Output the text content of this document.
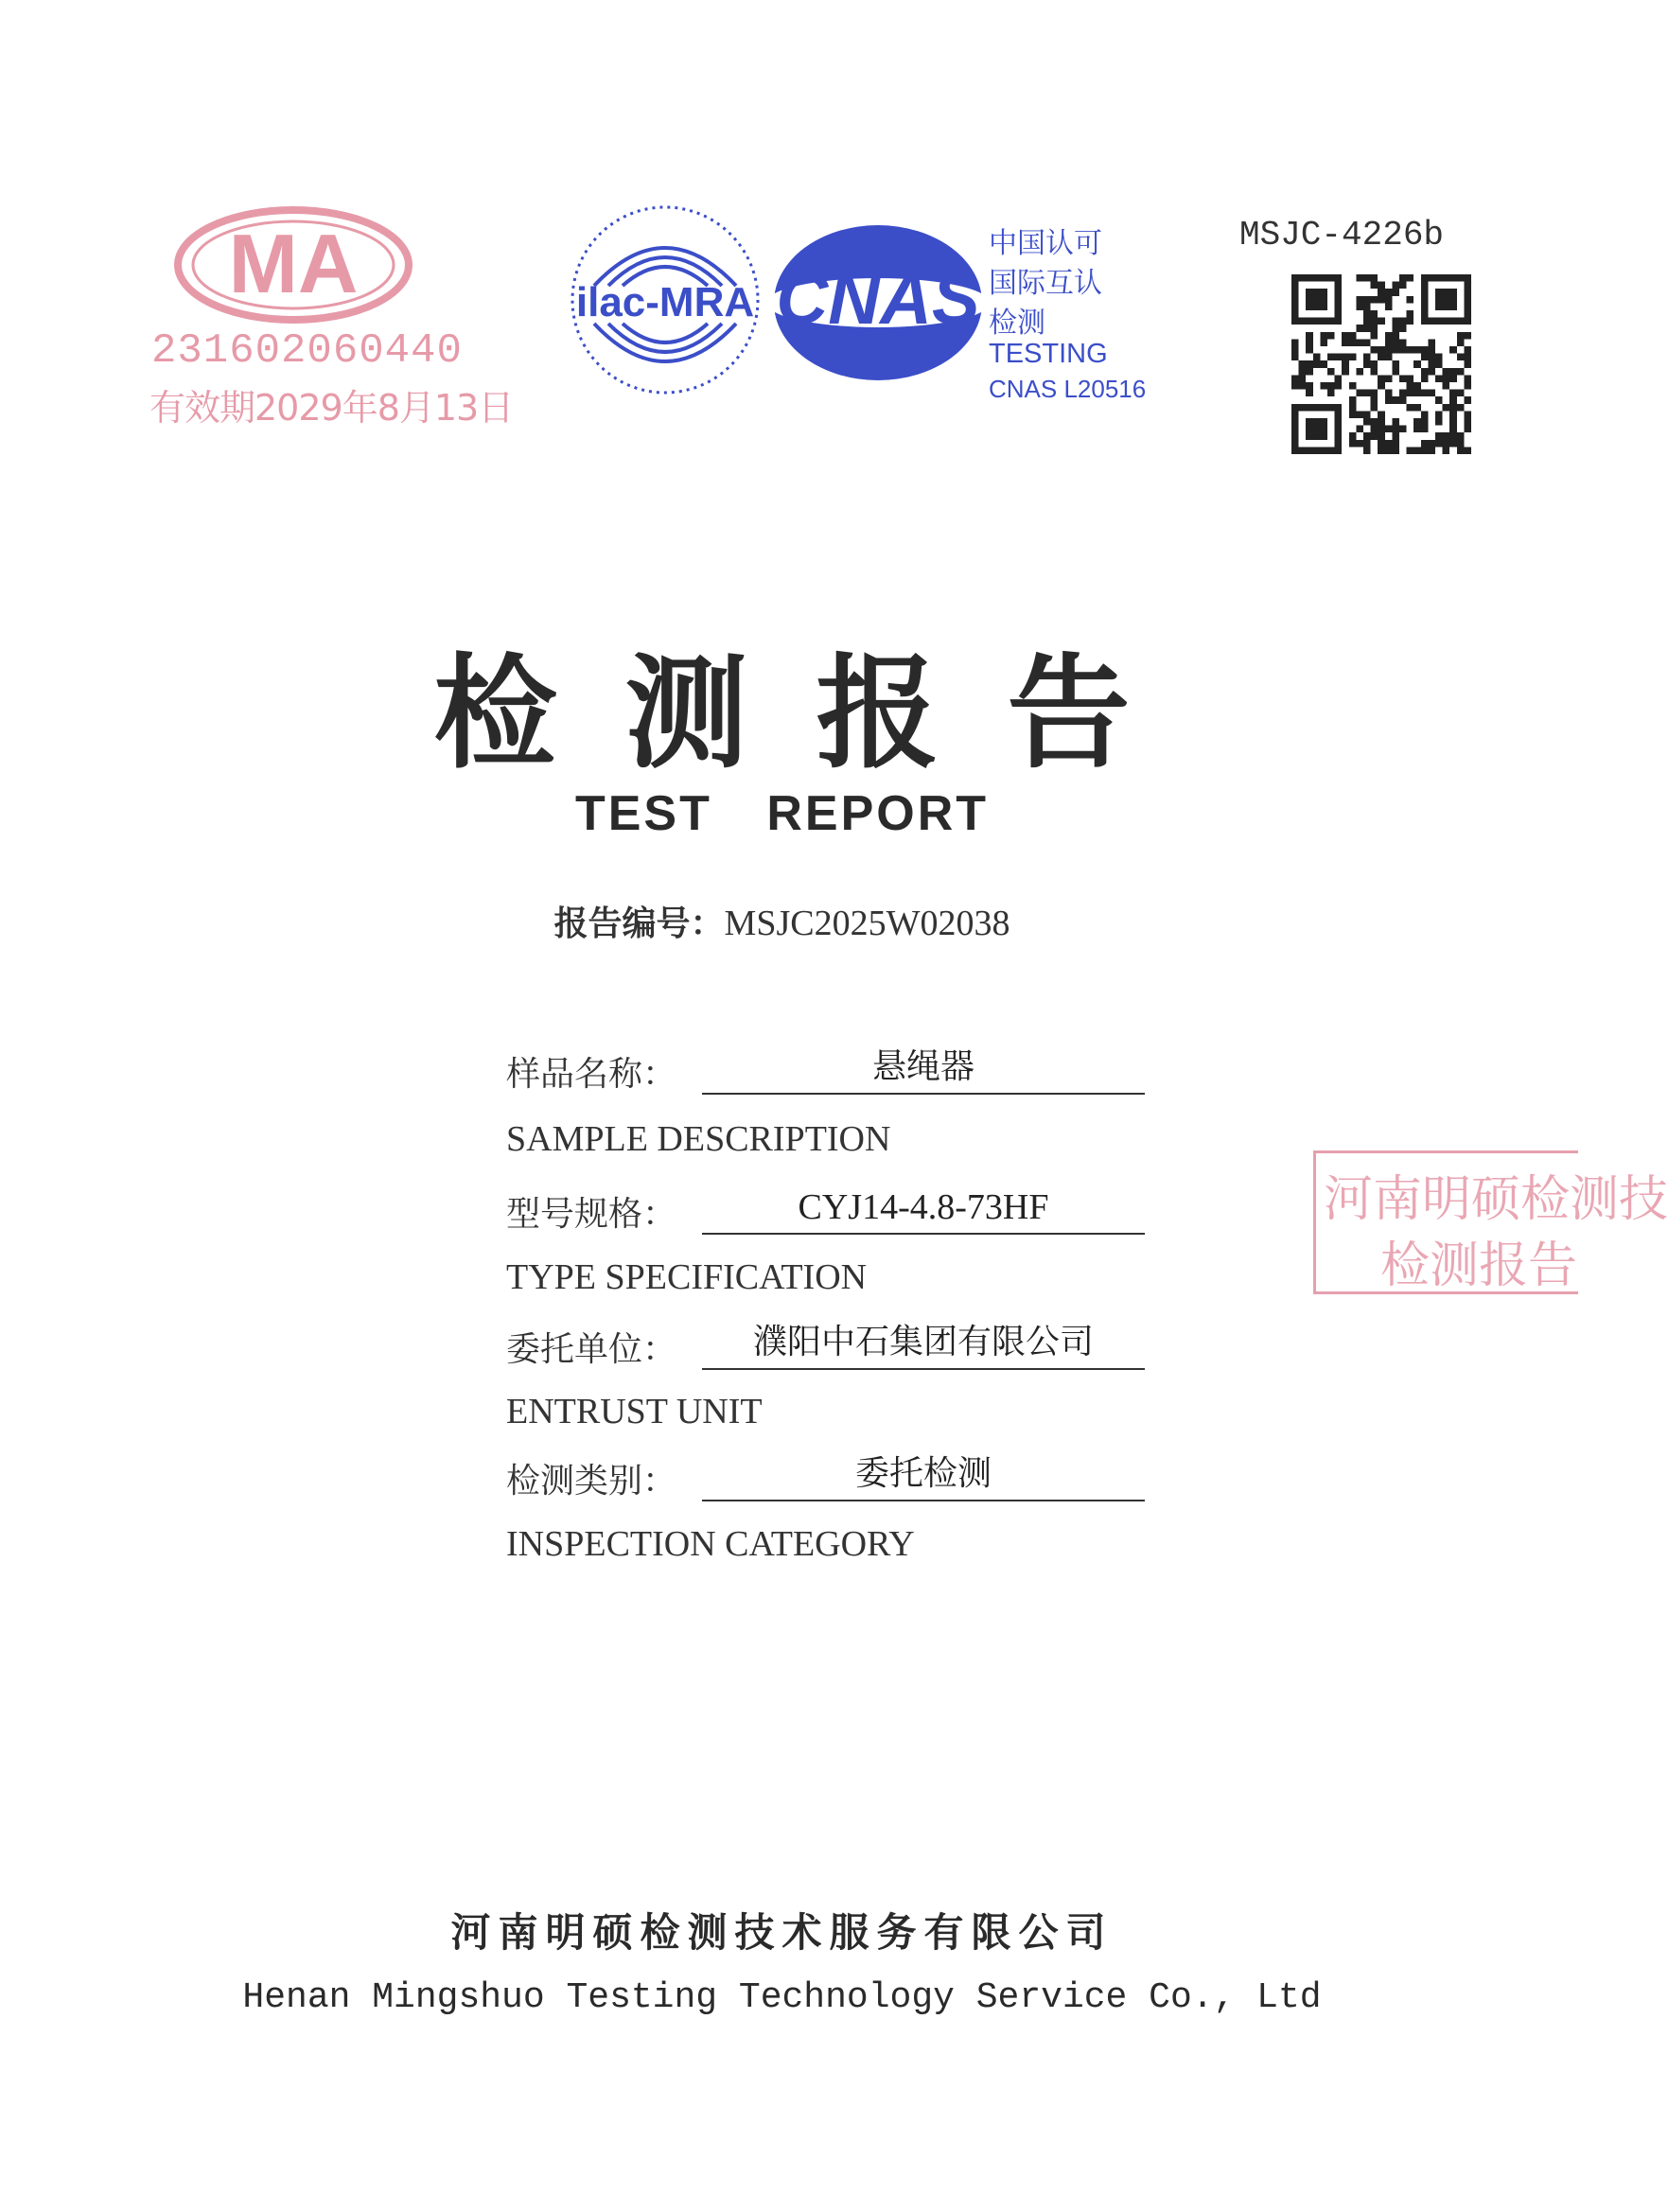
MA
231602060440
有效期2029年8月13日
ilac-MRA CNAS
中国认可
国际互认
检测
TESTING
CNAS L20516
MSJC-4226b
检测报告
TEST REPORT
报告编号：MSJC2025W02038
样品名称：	悬绳器
SAMPLE DESCRIPTION
型号规格：	CYJ14-4.8-73HF
TYPE SPECIFICATION
委托单位：	濮阳中石集团有限公司
ENTRUST UNIT
检测类别：	委托检测
INSPECTION CATEGORY
河南明硕检测技
检测报告
河南明硕检测技术服务有限公司
Henan Mingshuo Testing Technology Service Co., Ltd
